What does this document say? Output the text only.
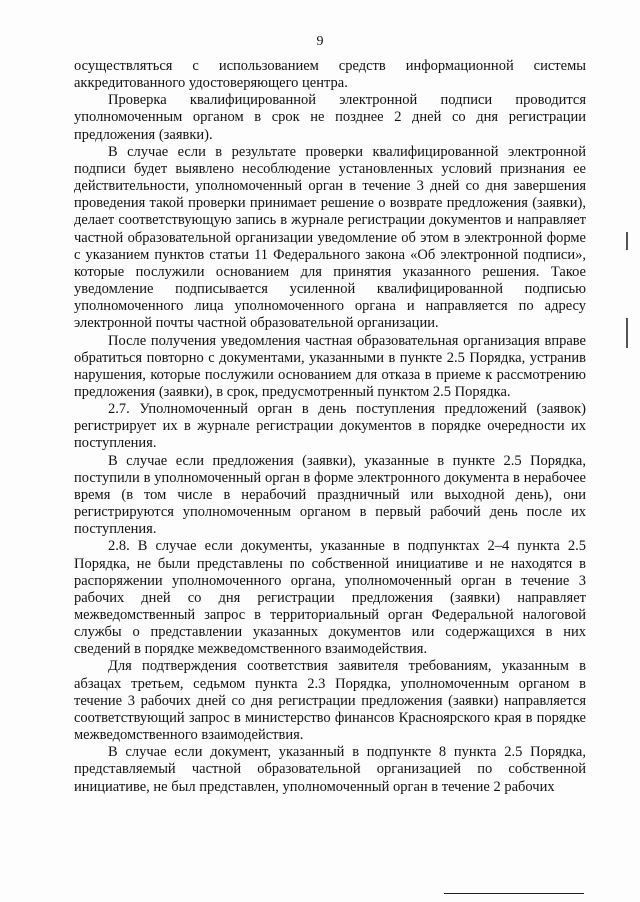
9

осуществляться с использованием средств информационной системы аккредитованного удостоверяющего центра.

Проверка квалифицированной электронной подписи проводится уполномоченным органом в срок не позднее 2 дней со дня регистрации предложения (заявки).

В случае если в результате проверки квалифицированной электронной подписи будет выявлено несоблюдение установленных условий признания ее действительности, уполномоченный орган в течение 3 дней со дня завершения проведения такой проверки принимает решение о возврате предложения (заявки), делает соответствующую запись в журнале регистрации документов и направляет частной образовательной организации уведомление об этом в электронной форме с указанием пунктов статьи 11 Федерального закона «Об электронной подписи», которые послужили основанием для принятия указанного решения. Такое уведомление подписывается усиленной квалифицированной подписью уполномоченного лица уполномоченного органа и направляется по адресу электронной почты частной образовательной организации.

После получения уведомления частная образовательная организация вправе обратиться повторно с документами, указанными в пункте 2.5 Порядка, устранив нарушения, которые послужили основанием для отказа в приеме к рассмотрению предложения (заявки), в срок, предусмотренный пунктом 2.5 Порядка.

2.7. Уполномоченный орган в день поступления предложений (заявок) регистрирует их в журнале регистрации документов в порядке очередности их поступления.

В случае если предложения (заявки), указанные в пункте 2.5 Порядка, поступили в уполномоченный орган в форме электронного документа в нерабочее время (в том числе в нерабочий праздничный или выходной день), они регистрируются уполномоченным органом в первый рабочий день после их поступления.

2.8. В случае если документы, указанные в подпунктах 2–4 пункта 2.5 Порядка, не были представлены по собственной инициативе и не находятся в распоряжении уполномоченного органа, уполномоченный орган в течение 3 рабочих дней со дня регистрации предложения (заявки) направляет межведомственный запрос в территориальный орган Федеральной налоговой службы о представлении указанных документов или содержащихся в них сведений в порядке межведомственного взаимодействия.

Для подтверждения соответствия заявителя требованиям, указанным в абзацах третьем, седьмом пункта 2.3 Порядка, уполномоченным органом в течение 3 рабочих дней со дня регистрации предложения (заявки) направляется соответствующий запрос в министерство финансов Красноярского края в порядке межведомственного взаимодействия.

В случае если документ, указанный в подпункте 8 пункта 2.5 Порядка, представляемый частной образовательной организацией по собственной инициативе, не был представлен, уполномоченный орган в течение 2 рабочих
